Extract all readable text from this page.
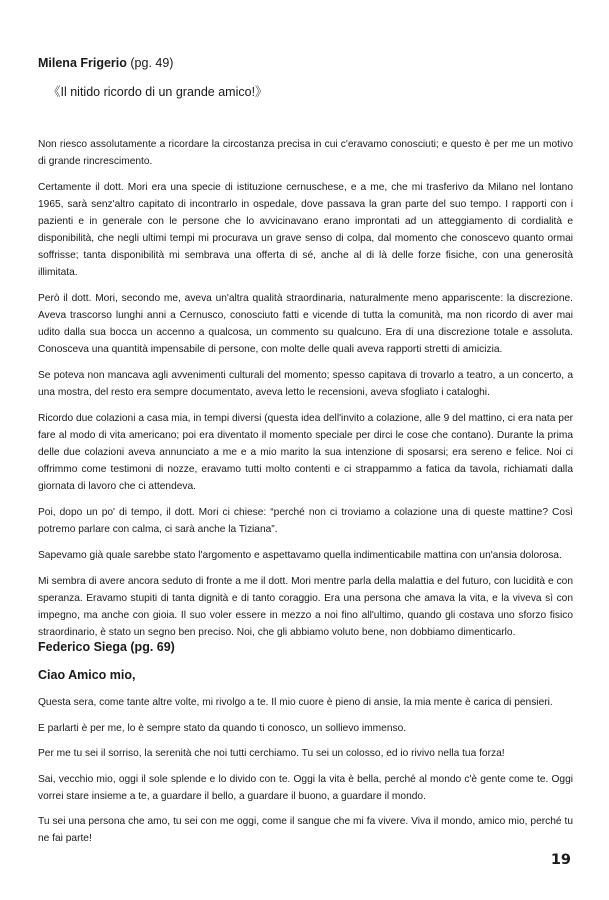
Milena Frigerio (pg. 49)
《Il nitido ricordo di un grande amico!》

Non riesco assolutamente a ricordare la circostanza precisa in cui c'eravamo conosciuti; e questo è per me un motivo di grande rincrescimento.

Certamente il dott. Mori era una specie di istituzione cernuschese, e a me, che mi trasferivo da Milano nel lontano 1965, sarà senz'altro capitato di incontrarlo in ospedale, dove passava la gran parte del suo tempo. I rapporti con i pazienti e in generale con le persone che lo avvicinavano erano improntati ad un atteggiamento di cordialità e disponibilità, che negli ultimi tempi mi procurava un grave senso di colpa, dal momento che conoscevo quanto ormai soffrisse; tanta disponibilità mi sembrava una offerta di sé, anche al di là delle forze fisiche, con una generosità illimitata.

Però il dott. Mori, secondo me, aveva un'altra qualità straordinaria, naturalmente meno appariscente: la discrezione. Aveva trascorso lunghi anni a Cernusco, conosciuto fatti e vicende di tutta la comunità, ma non ricordo di aver mai udito dalla sua bocca un accenno a qualcosa, un commento su qualcuno. Era di una discrezione totale e assoluta. Conosceva una quantità impensabile di persone, con molte delle quali aveva rapporti stretti di amicizia.

Se poteva non mancava agli avvenimenti culturali del momento; spesso capitava di trovarlo a teatro, a un concerto, a una mostra, del resto era sempre documentato, aveva letto le recensioni, aveva sfogliato i cataloghi.

Ricordo due colazioni a casa mia, in tempi diversi (questa idea dell'invito a colazione, alle 9 del mattino, ci era nata per fare al modo di vita americano; poi era diventato il momento speciale per dirci le cose che contano). Durante la prima delle due colazioni aveva annunciato a me e a mio marito la sua intenzione di sposarsi; era sereno e felice. Noi ci offrimmo come testimoni di nozze, eravamo tutti molto contenti e ci strappammo a fatica da tavola, richiamati dalla giornata di lavoro che ci attendeva.

Poi, dopo un po' di tempo, il dott. Mori ci chiese: “perché non ci troviamo a colazione una di queste mattine? Così potremo parlare con calma, ci sarà anche la Tiziana”.

Sapevamo già quale sarebbe stato l'argomento e aspettavamo quella indimenticabile mattina con un'ansia dolorosa.

Mi sembra di avere ancora seduto di fronte a me il dott. Mori mentre parla della malattia e del futuro, con lucidità e con speranza. Eravamo stupiti di tanta dignità e di tanto coraggio. Era una persona che amava la vita, e la viveva sì con impegno, ma anche con gioia. Il suo voler essere in mezzo a noi fino all'ultimo, quando gli costava uno sforzo fisico straordinario, è stato un segno ben preciso. Noi, che gli abbiamo voluto bene, non dobbiamo dimenticarlo.

Federico Siega (pg. 69)
Ciao Amico mio,

Questa sera, come tante altre volte, mi rivolgo a te. Il mio cuore è pieno di ansie, la mia mente è carica di pensieri.

E parlarti è per me, lo è sempre stato da quando ti conosco, un sollievo immenso.

Per me tu sei il sorriso, la serenità che noi tutti cerchiamo. Tu sei un colosso, ed io rivivo nella tua forza!

Sai, vecchio mio, oggi il sole splende e lo divido con te. Oggi la vita è bella, perché al mondo c'è gente come te. Oggi vorrei stare insieme a te, a guardare il bello, a guardare il buono, a guardare il mondo.

Tu sei una persona che amo, tu sei con me oggi, come il sangue che mi fa vivere. Viva il mondo, amico mio, perché tu ne fai parte!

19
